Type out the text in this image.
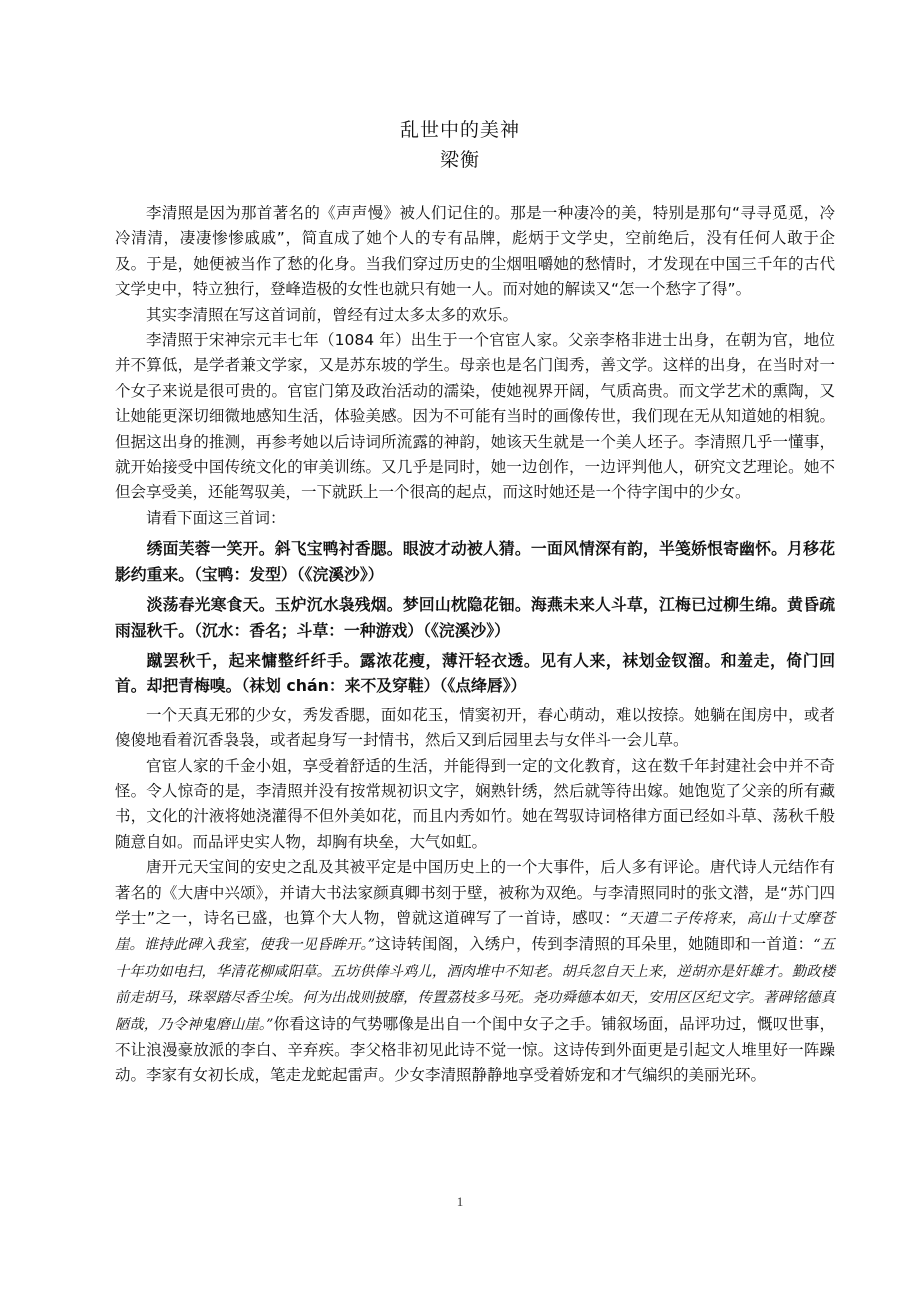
乱世中的美神
梁衡

李清照是因为那首著名的《声声慢》被人们记住的。那是一种凄冷的美，特别是那句“寻寻觅觅，冷冷清清，凄凄惨惨戚戚”，简直成了她个人的专有品牌，彪炳于文学史，空前绝后，没有任何人敢于企及。于是，她便被当作了愁的化身。当我们穿过历史的尘烟咀嚼她的愁情时，才发现在中国三千年的古代文学史中，特立独行，登峰造极的女性也就只有她一人。而对她的解读又“怎一个愁字了得”。

其实李清照在写这首词前，曾经有过太多太多的欢乐。

李清照于宋神宗元丰七年（1084 年）出生于一个官宦人家。父亲李格非进士出身，在朝为官，地位并不算低，是学者兼文学家，又是苏东坡的学生。母亲也是名门闺秀，善文学。这样的出身，在当时对一个女子来说是很可贵的。官宦门第及政治活动的濡染，使她视界开阔，气质高贵。而文学艺术的熏陶，又让她能更深切细微地感知生活，体验美感。因为不可能有当时的画像传世，我们现在无从知道她的相貌。但据这出身的推测，再参考她以后诗词所流露的神韵，她该天生就是一个美人坯子。李清照几乎一懂事，就开始接受中国传统文化的审美训练。又几乎是同时，她一边创作，一边评判他人，研究文艺理论。她不但会享受美，还能驾驭美，一下就跃上一个很高的起点，而这时她还是一个待字闺中的少女。

请看下面这三首词：

绣面芙蓉一笑开。斜飞宝鸭衬香腮。眼波才动被人猜。一面风情深有韵，半笺娇恨寄幽怀。月移花影约重来。（宝鸭：发型）（《浣溪沙》）

淡荡春光寒食天。玉炉沉水袅残烟。梦回山枕隐花钿。海燕未来人斗草，江梅已过柳生绵。黄昏疏雨湿秋千。（沉水：香名；斗草：一种游戏）（《浣溪沙》）

蹴罢秋千，起来慵整纤纤手。露浓花瘦，薄汗轻衣透。见有人来，袜划金钗溜。和羞走，倚门回首。却把青梅嗅。（袜划 chán：来不及穿鞋）（《点绛唇》）

一个天真无邪的少女，秀发香腮，面如花玉，情窦初开，春心萌动，难以按捺。她躺在闺房中，或者傻傻地看着沉香袅袅，或者起身写一封情书，然后又到后园里去与女伴斗一会儿草。

官宦人家的千金小姐，享受着舒适的生活，并能得到一定的文化教育，这在数千年封建社会中并不奇怪。令人惊奇的是，李清照并没有按常规初识文字，娴熟针绣，然后就等待出嫁。她饱览了父亲的所有藏书，文化的汁液将她浇灌得不但外美如花，而且内秀如竹。她在驾驭诗词格律方面已经如斗草、荡秋千般随意自如。而品评史实人物，却胸有块垒，大气如虹。

唐开元天宝间的安史之乱及其被平定是中国历史上的一个大事件，后人多有评论。唐代诗人元结作有著名的《大唐中兴颂》，并请大书法家颜真卿书刻于壁，被称为双绝。与李清照同时的张文潜，是“苏门四学士”之一，诗名已盛，也算个大人物，曾就这道碑写了一首诗，感叹：“天遣二子传将来，高山十丈摩苍崖。谁持此碑入我室，使我一见昏眸开。”这诗转闺阁，入绣户，传到李清照的耳朵里，她随即和一首道：“五十年功如电扫，华清花柳咸阳草。五坊供俸斗鸡儿，酒肉堆中不知老。胡兵忽自天上来，逆胡亦是奸雄才。勤政楼前走胡马，珠翠踏尽香尘埃。何为出战则披靡，传置荔枝多马死。尧功舜德本如天，安用区区纪文字。著碑铭德真陋哉，乃令神鬼磨山崖。”你看这诗的气势哪像是出自一个闺中女子之手。铺叙场面，品评功过，慨叹世事，不让浪漫豪放派的李白、辛弃疾。李父格非初见此诗不觉一惊。这诗传到外面更是引起文人堆里好一阵躁动。李家有女初长成，笔走龙蛇起雷声。少女李清照静静地享受着娇宠和才气编织的美丽光环。

1
